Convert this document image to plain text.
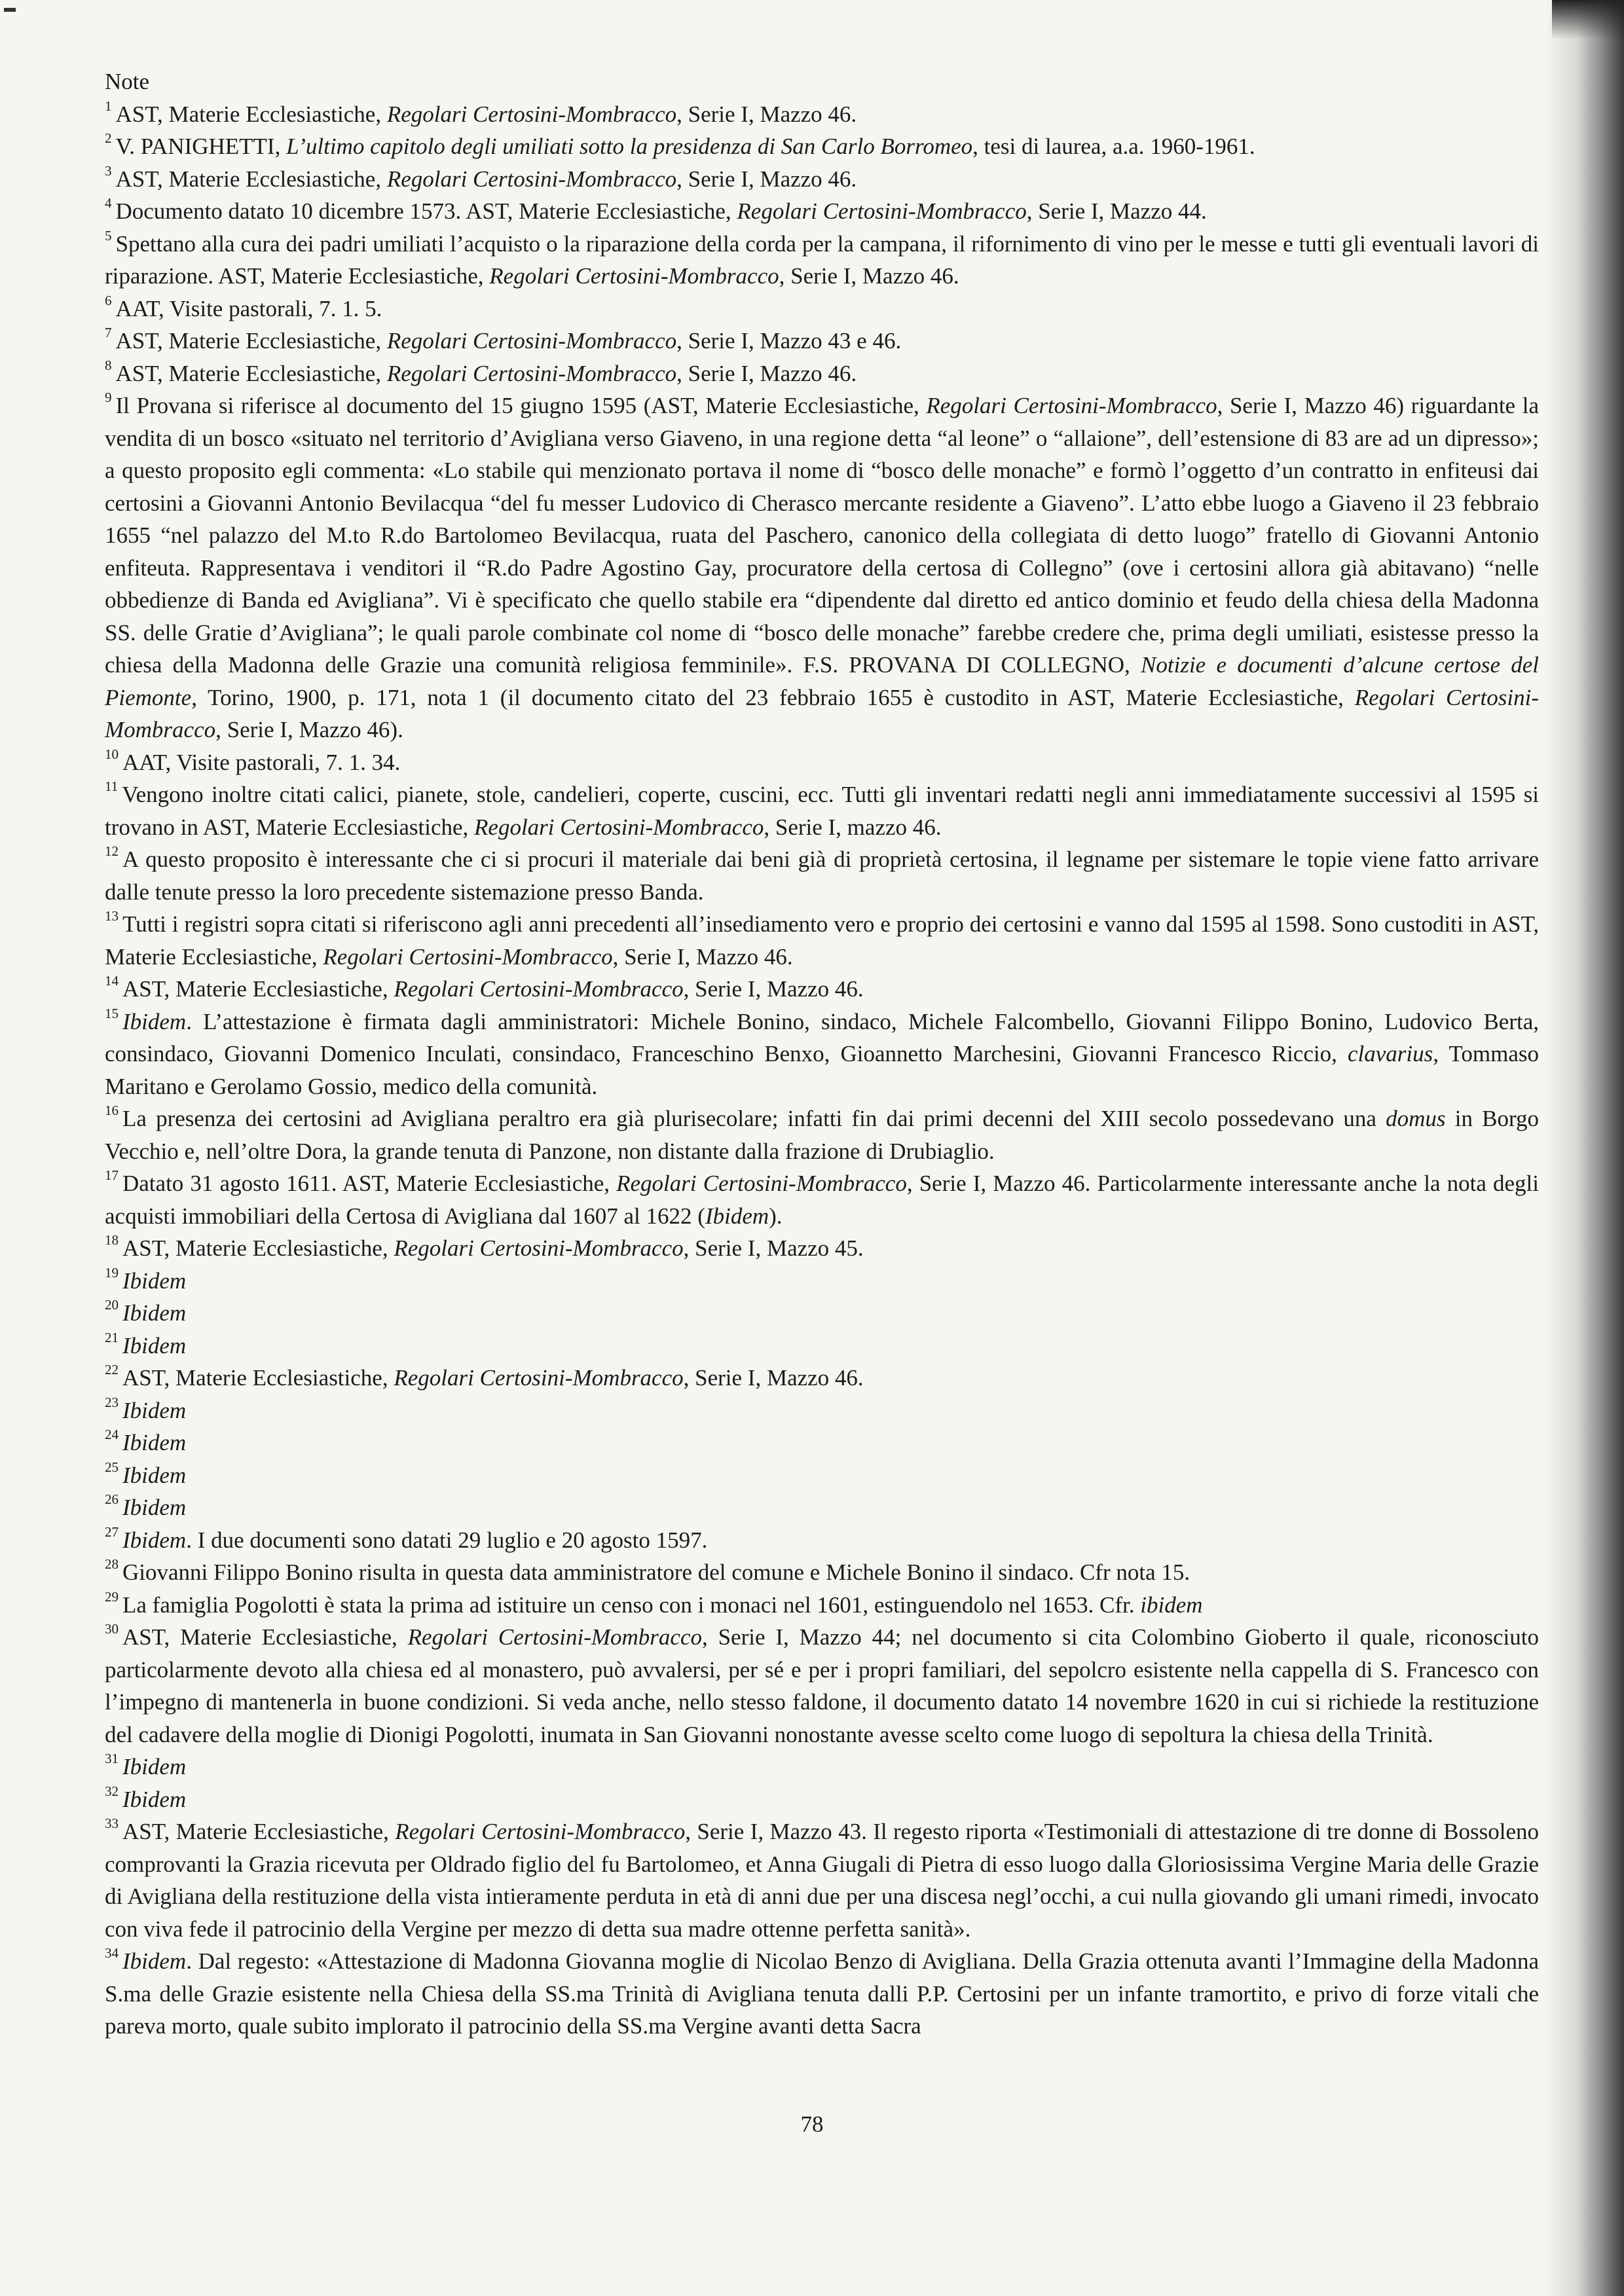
Note

$^1$ AST, Materie Ecclesiastiche, Regolari Certosini-Mombracco, Serie I, Mazzo 46.

$^2$ V. PANIGHETTI, L’ultimo capitolo degli umiliati sotto la presidenza di San Carlo Borromeo, tesi di laurea, a.a. 1960-1961.

$^3$ AST, Materie Ecclesiastiche, Regolari Certosini-Mombracco, Serie I, Mazzo 46.

$^4$ Documento datato 10 dicembre 1573. AST, Materie Ecclesiastiche, Regolari Certosini-Mombracco, Serie I, Mazzo 44.

$^5$ Spettano alla cura dei padri umiliati l’acquisto o la riparazione della corda per la campana, il rifornimento di vino per le messe e tutti gli eventuali lavori di riparazione. AST, Materie Ecclesiastiche, Regolari Certosini-Mombracco, Serie I, Mazzo 46.

$^6$ AAT, Visite pastorali, 7. 1. 5.

$^7$ AST, Materie Ecclesiastiche, Regolari Certosini-Mombracco, Serie I, Mazzo 43 e 46.

$^8$ AST, Materie Ecclesiastiche, Regolari Certosini-Mombracco, Serie I, Mazzo 46.

$^9$ Il Provana si riferisce al documento del 15 giugno 1595 (AST, Materie Ecclesiastiche, Regolari Certosini-Mombracco, Serie I, Mazzo 46) riguardante la vendita di un bosco «situato nel territorio d’Avigliana verso Giaveno, in una regione detta “al leone” o “allaione”, dell’estensione di 83 are ad un dipresso»; a questo proposito egli commenta: «Lo stabile qui menzionato portava il nome di “bosco delle monache” e formò l’oggetto d’un contratto in enfiteusi dai certosini a Giovanni Antonio Bevilacqua “del fu messer Ludovico di Cherasco mercante residente a Giaveno”. L’atto ebbe luogo a Giaveno il 23 febbraio 1655 “nel palazzo del M.to R.do Bartolomeo Bevilacqua, ruata del Paschero, canonico della collegiata di detto luogo” fratello di Giovanni Antonio enfiteuta. Rappresentava i venditori il “R.do Padre Agostino Gay, procuratore della certosa di Collegno” (ove i certosini allora già abitavano) “nelle obbedienze di Banda ed Avigliana”. Vi è specificato che quello stabile era “dipendente dal diretto ed antico dominio et feudo della chiesa della Madonna SS. delle Gratie d’Avigliana”; le quali parole combinate col nome di “bosco delle monache” farebbe credere che, prima degli umiliati, esistesse presso la chiesa della Madonna delle Grazie una comunità religiosa femminile». F.S. PROVANA DI COLLEGNO, Notizie e documenti d’alcune certose del Piemonte, Torino, 1900, p. 171, nota 1 (il documento citato del 23 febbraio 1655 è custodito in AST, Materie Ecclesiastiche, Regolari Certosini-Mombracco, Serie I, Mazzo 46).

$^{10}$ AAT, Visite pastorali, 7. 1. 34.

$^{11}$ Vengono inoltre citati calici, pianete, stole, candelieri, coperte, cuscini, ecc. Tutti gli inventari redatti negli anni immediatamente successivi al 1595 si trovano in AST, Materie Ecclesiastiche, Regolari Certosini-Mombracco, Serie I, mazzo 46.

$^{12}$ A questo proposito è interessante che ci si procuri il materiale dai beni già di proprietà certosina, il legname per sistemare le topie viene fatto arrivare dalle tenute presso la loro precedente sistemazione presso Banda.

$^{13}$ Tutti i registri sopra citati si riferiscono agli anni precedenti all’insediamento vero e proprio dei certosini e vanno dal 1595 al 1598. Sono custoditi in AST, Materie Ecclesiastiche, Regolari Certosini-Mombracco, Serie I, Mazzo 46.

$^{14}$ AST, Materie Ecclesiastiche, Regolari Certosini-Mombracco, Serie I, Mazzo 46.

$^{15}$ Ibidem. L’attestazione è firmata dagli amministratori: Michele Bonino, sindaco, Michele Falcombello, Giovanni Filippo Bonino, Ludovico Berta, consindaco, Giovanni Domenico Inculati, consindaco, Franceschino Benxo, Gioannetto Marchesini, Giovanni Francesco Riccio, clavarius, Tommaso Maritano e Gerolamo Gossio, medico della comunità.

$^{16}$ La presenza dei certosini ad Avigliana peraltro era già plurisecolare; infatti fin dai primi decenni del XIII secolo possedevano una domus in Borgo Vecchio e, nell’oltre Dora, la grande tenuta di Panzone, non distante dalla frazione di Drubiaglio.

$^{17}$ Datato 31 agosto 1611. AST, Materie Ecclesiastiche, Regolari Certosini-Mombracco, Serie I, Mazzo 46. Particolarmente interessante anche la nota degli acquisti immobiliari della Certosa di Avigliana dal 1607 al 1622 (Ibidem).

$^{18}$ AST, Materie Ecclesiastiche, Regolari Certosini-Mombracco, Serie I, Mazzo 45.

$^{19}$ Ibidem

$^{20}$ Ibidem

$^{21}$ Ibidem

$^{22}$ AST, Materie Ecclesiastiche, Regolari Certosini-Mombracco, Serie I, Mazzo 46.

$^{23}$ Ibidem

$^{24}$ Ibidem

$^{25}$ Ibidem

$^{26}$ Ibidem

$^{27}$ Ibidem. I due documenti sono datati 29 luglio e 20 agosto 1597.

$^{28}$ Giovanni Filippo Bonino risulta in questa data amministratore del comune e Michele Bonino il sindaco. Cfr nota 15.

$^{29}$ La famiglia Pogolotti è stata la prima ad istituire un censo con i monaci nel 1601, estinguendolo nel 1653. Cfr. ibidem

$^{30}$ AST, Materie Ecclesiastiche, Regolari Certosini-Mombracco, Serie I, Mazzo 44; nel documento si cita Colombino Gioberto il quale, riconosciuto particolarmente devoto alla chiesa ed al monastero, può avvalersi, per sé e per i propri familiari, del sepolcro esistente nella cappella di S. Francesco con l’impegno di mantenerla in buone condizioni. Si veda anche, nello stesso faldone, il documento datato 14 novembre 1620 in cui si richiede la restituzione del cadavere della moglie di Dionigi Pogolotti, inumata in San Giovanni nonostante avesse scelto come luogo di sepoltura la chiesa della Trinità.

$^{31}$ Ibidem

$^{32}$ Ibidem

$^{33}$ AST, Materie Ecclesiastiche, Regolari Certosini-Mombracco, Serie I, Mazzo 43. Il regesto riporta «Testimoniali di attestazione di tre donne di Bossoleno comprovanti la Grazia ricevuta per Oldrado figlio del fu Bartolomeo, et Anna Giugali di Pietra di esso luogo dalla Gloriosissima Vergine Maria delle Grazie di Avigliana della restituzione della vista intieramente perduta in età di anni due per una discesa negl’occhi, a cui nulla giovando gli umani rimedi, invocato con viva fede il patrocinio della Vergine per mezzo di detta sua madre ottenne perfetta sanità».

$^{34}$ Ibidem. Dal regesto: «Attestazione di Madonna Giovanna moglie di Nicolao Benzo di Avigliana. Della Grazia ottenuta avanti l’Immagine della Madonna S.ma delle Grazie esistente nella Chiesa della SS.ma Trinità di Avigliana tenuta dalli P.P. Certosini per un infante tramortito, e privo di forze vitali che pareva morto, quale subito implorato il patrocinio della SS.ma Vergine avanti detta Sacra

78
